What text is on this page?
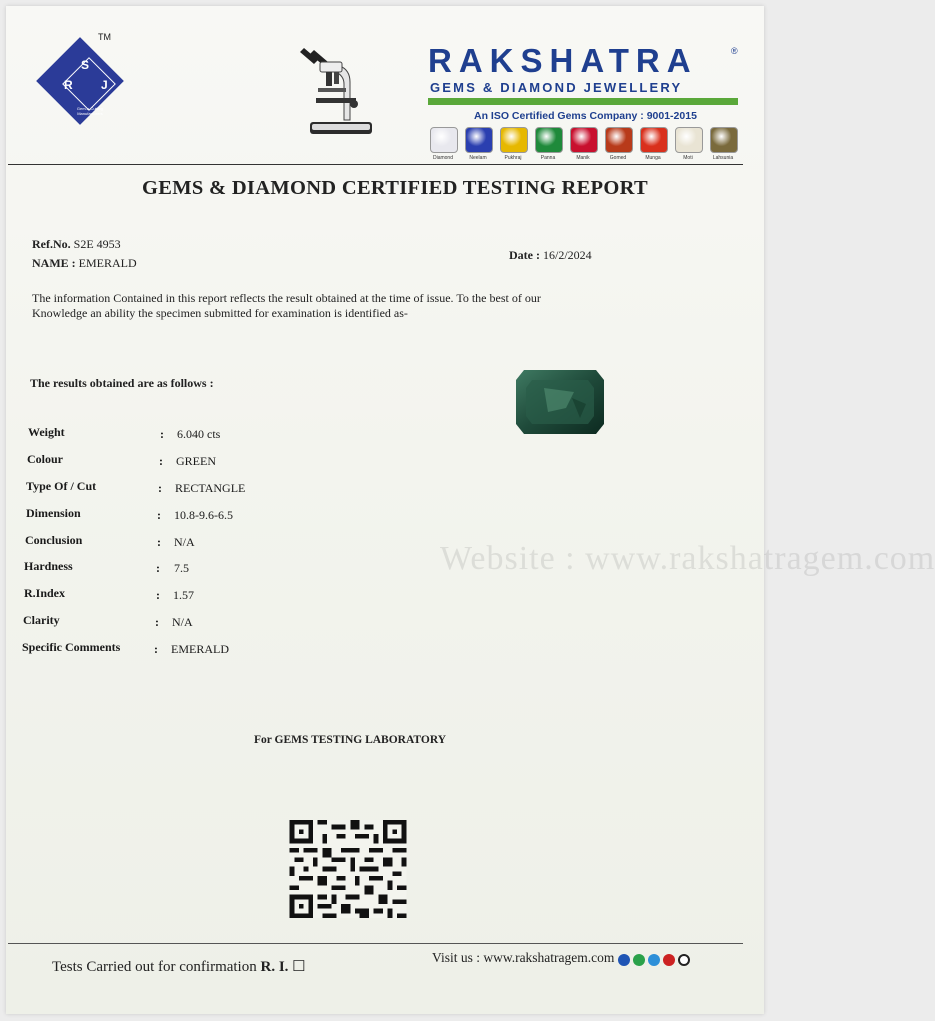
TM
S
R J
Gem-n-Cutting Manufacturers
RAKSHATRA	®
GEMS & DIAMOND JEWELLERY
An ISO Certified Gems Company : 9001-2015
Diamond	Neelam	Pukhraj	Panna	Manik	Gomed	Munga	Moti	Lahsunia
GEMS & DIAMOND CERTIFIED TESTING REPORT
Ref.No. S2E 4953
NAME : EMERALD
Date : 16/2/2024
The information Contained in this report reflects the result obtained at the time of issue. To the best of our
Knowledge an ability the specimen submitted for examination is identified as-
The results obtained are as follows :
Weight	: 6.040 cts
Colour	: GREEN
Type Of / Cut	: RECTANGLE
Dimension	: 10.8-9.6-6.5
Conclusion	: N/A
Hardness	: 7.5
R.Index	: 1.57
Clarity	: N/A
Specific Comments	: EMERALD
Website : www.rakshatragem.com
For GEMS TESTING LABORATORY
Tests Carried out for confirmation R. I. ☐
Visit us : www.rakshatragem.com
